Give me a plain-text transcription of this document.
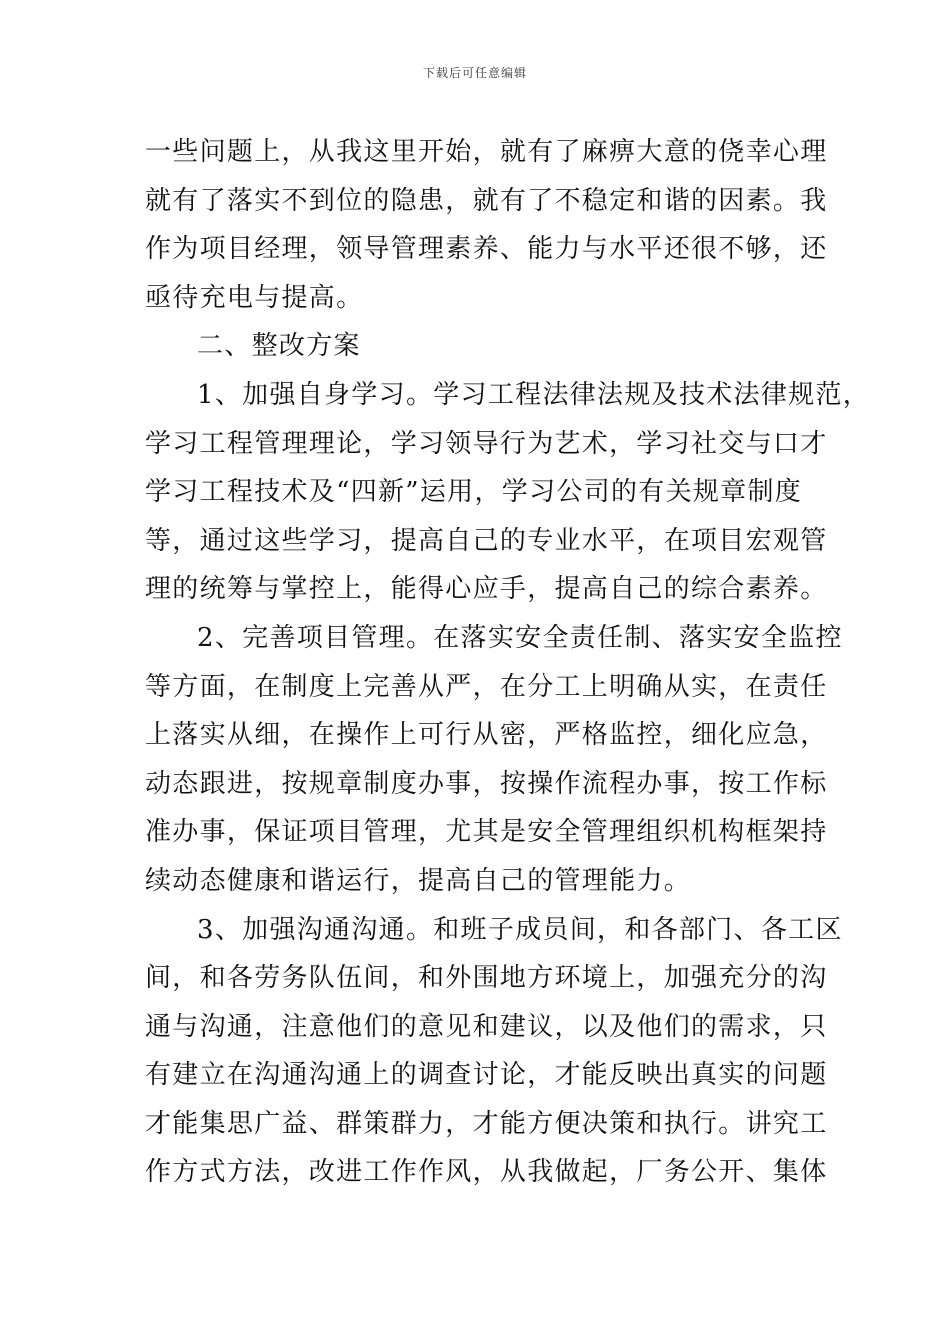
下载后可任意编辑
一些问题上，从我这里开始，就有了麻痹大意的侥幸心理
就有了落实不到位的隐患，就有了不稳定和谐的因素。我
作为项目经理，领导管理素养、能力与水平还很不够，还
亟待充电与提高。
二、整改方案
1、加强自身学习。学习工程法律法规及技术法律规范，
学习工程管理理论，学习领导行为艺术，学习社交与口才
学习工程技术及“四新”运用，学习公司的有关规章制度
等，通过这些学习，提高自己的专业水平，在项目宏观管
理的统筹与掌控上，能得心应手，提高自己的综合素养。
2、完善项目管理。在落实安全责任制、落实安全监控
等方面，在制度上完善从严，在分工上明确从实，在责任
上落实从细，在操作上可行从密，严格监控，细化应急，
动态跟进，按规章制度办事，按操作流程办事，按工作标
准办事，保证项目管理，尤其是安全管理组织机构框架持
续动态健康和谐运行，提高自己的管理能力。
3、加强沟通沟通。和班子成员间，和各部门、各工区
间，和各劳务队伍间，和外围地方环境上，加强充分的沟
通与沟通，注意他们的意见和建议，以及他们的需求，只
有建立在沟通沟通上的调查讨论，才能反映出真实的问题
才能集思广益、群策群力，才能方便决策和执行。讲究工
作方式方法，改进工作作风，从我做起，厂务公开、集体
